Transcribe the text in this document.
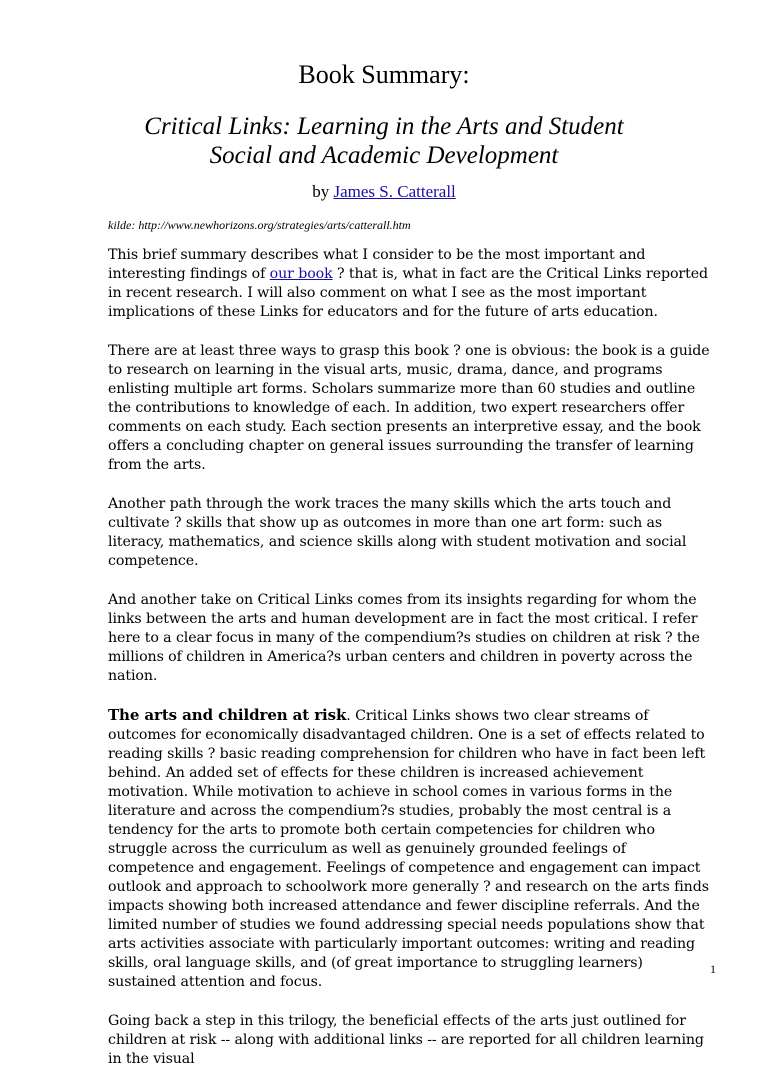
Book Summary:
Critical Links: Learning in the Arts and Student Social and Academic Development
by James S. Catterall
kilde: http://www.newhorizons.org/strategies/arts/catterall.htm

This brief summary describes what I consider to be the most important and interesting findings of our book ? that is, what in fact are the Critical Links reported in recent research. I will also comment on what I see as the most important implications of these Links for educators and for the future of arts education.

There are at least three ways to grasp this book ? one is obvious: the book is a guide to research on learning in the visual arts, music, drama, dance, and programs enlisting multiple art forms. Scholars summarize more than 60 studies and outline the contributions to knowledge of each. In addition, two expert researchers offer comments on each study. Each section presents an interpretive essay, and the book offers a concluding chapter on general issues surrounding the transfer of learning from the arts.

Another path through the work traces the many skills which the arts touch and cultivate ? skills that show up as outcomes in more than one art form: such as literacy, mathematics, and science skills along with student motivation and social competence.

And another take on Critical Links comes from its insights regarding for whom the links between the arts and human development are in fact the most critical. I refer here to a clear focus in many of the compendium?s studies on children at risk ? the millions of children in America?s urban centers and children in poverty across the nation.

The arts and children at risk. Critical Links shows two clear streams of outcomes for economically disadvantaged children. One is a set of effects related to reading skills ? basic reading comprehension for children who have in fact been left behind. An added set of effects for these children is increased achievement motivation. While motivation to achieve in school comes in various forms in the literature and across the compendium?s studies, probably the most central is a tendency for the arts to promote both certain competencies for children who struggle across the curriculum as well as genuinely grounded feelings of competence and engagement. Feelings of competence and engagement can impact outlook and approach to schoolwork more generally ? and research on the arts finds impacts showing both increased attendance and fewer discipline referrals. And the limited number of studies we found addressing special needs populations show that arts activities associate with particularly important outcomes: writing and reading skills, oral language skills, and (of great importance to struggling learners) sustained attention and focus.

Going back a step in this trilogy, the beneficial effects of the arts just outlined for children at risk -- along with additional links -- are reported for all children learning in the visual

1
